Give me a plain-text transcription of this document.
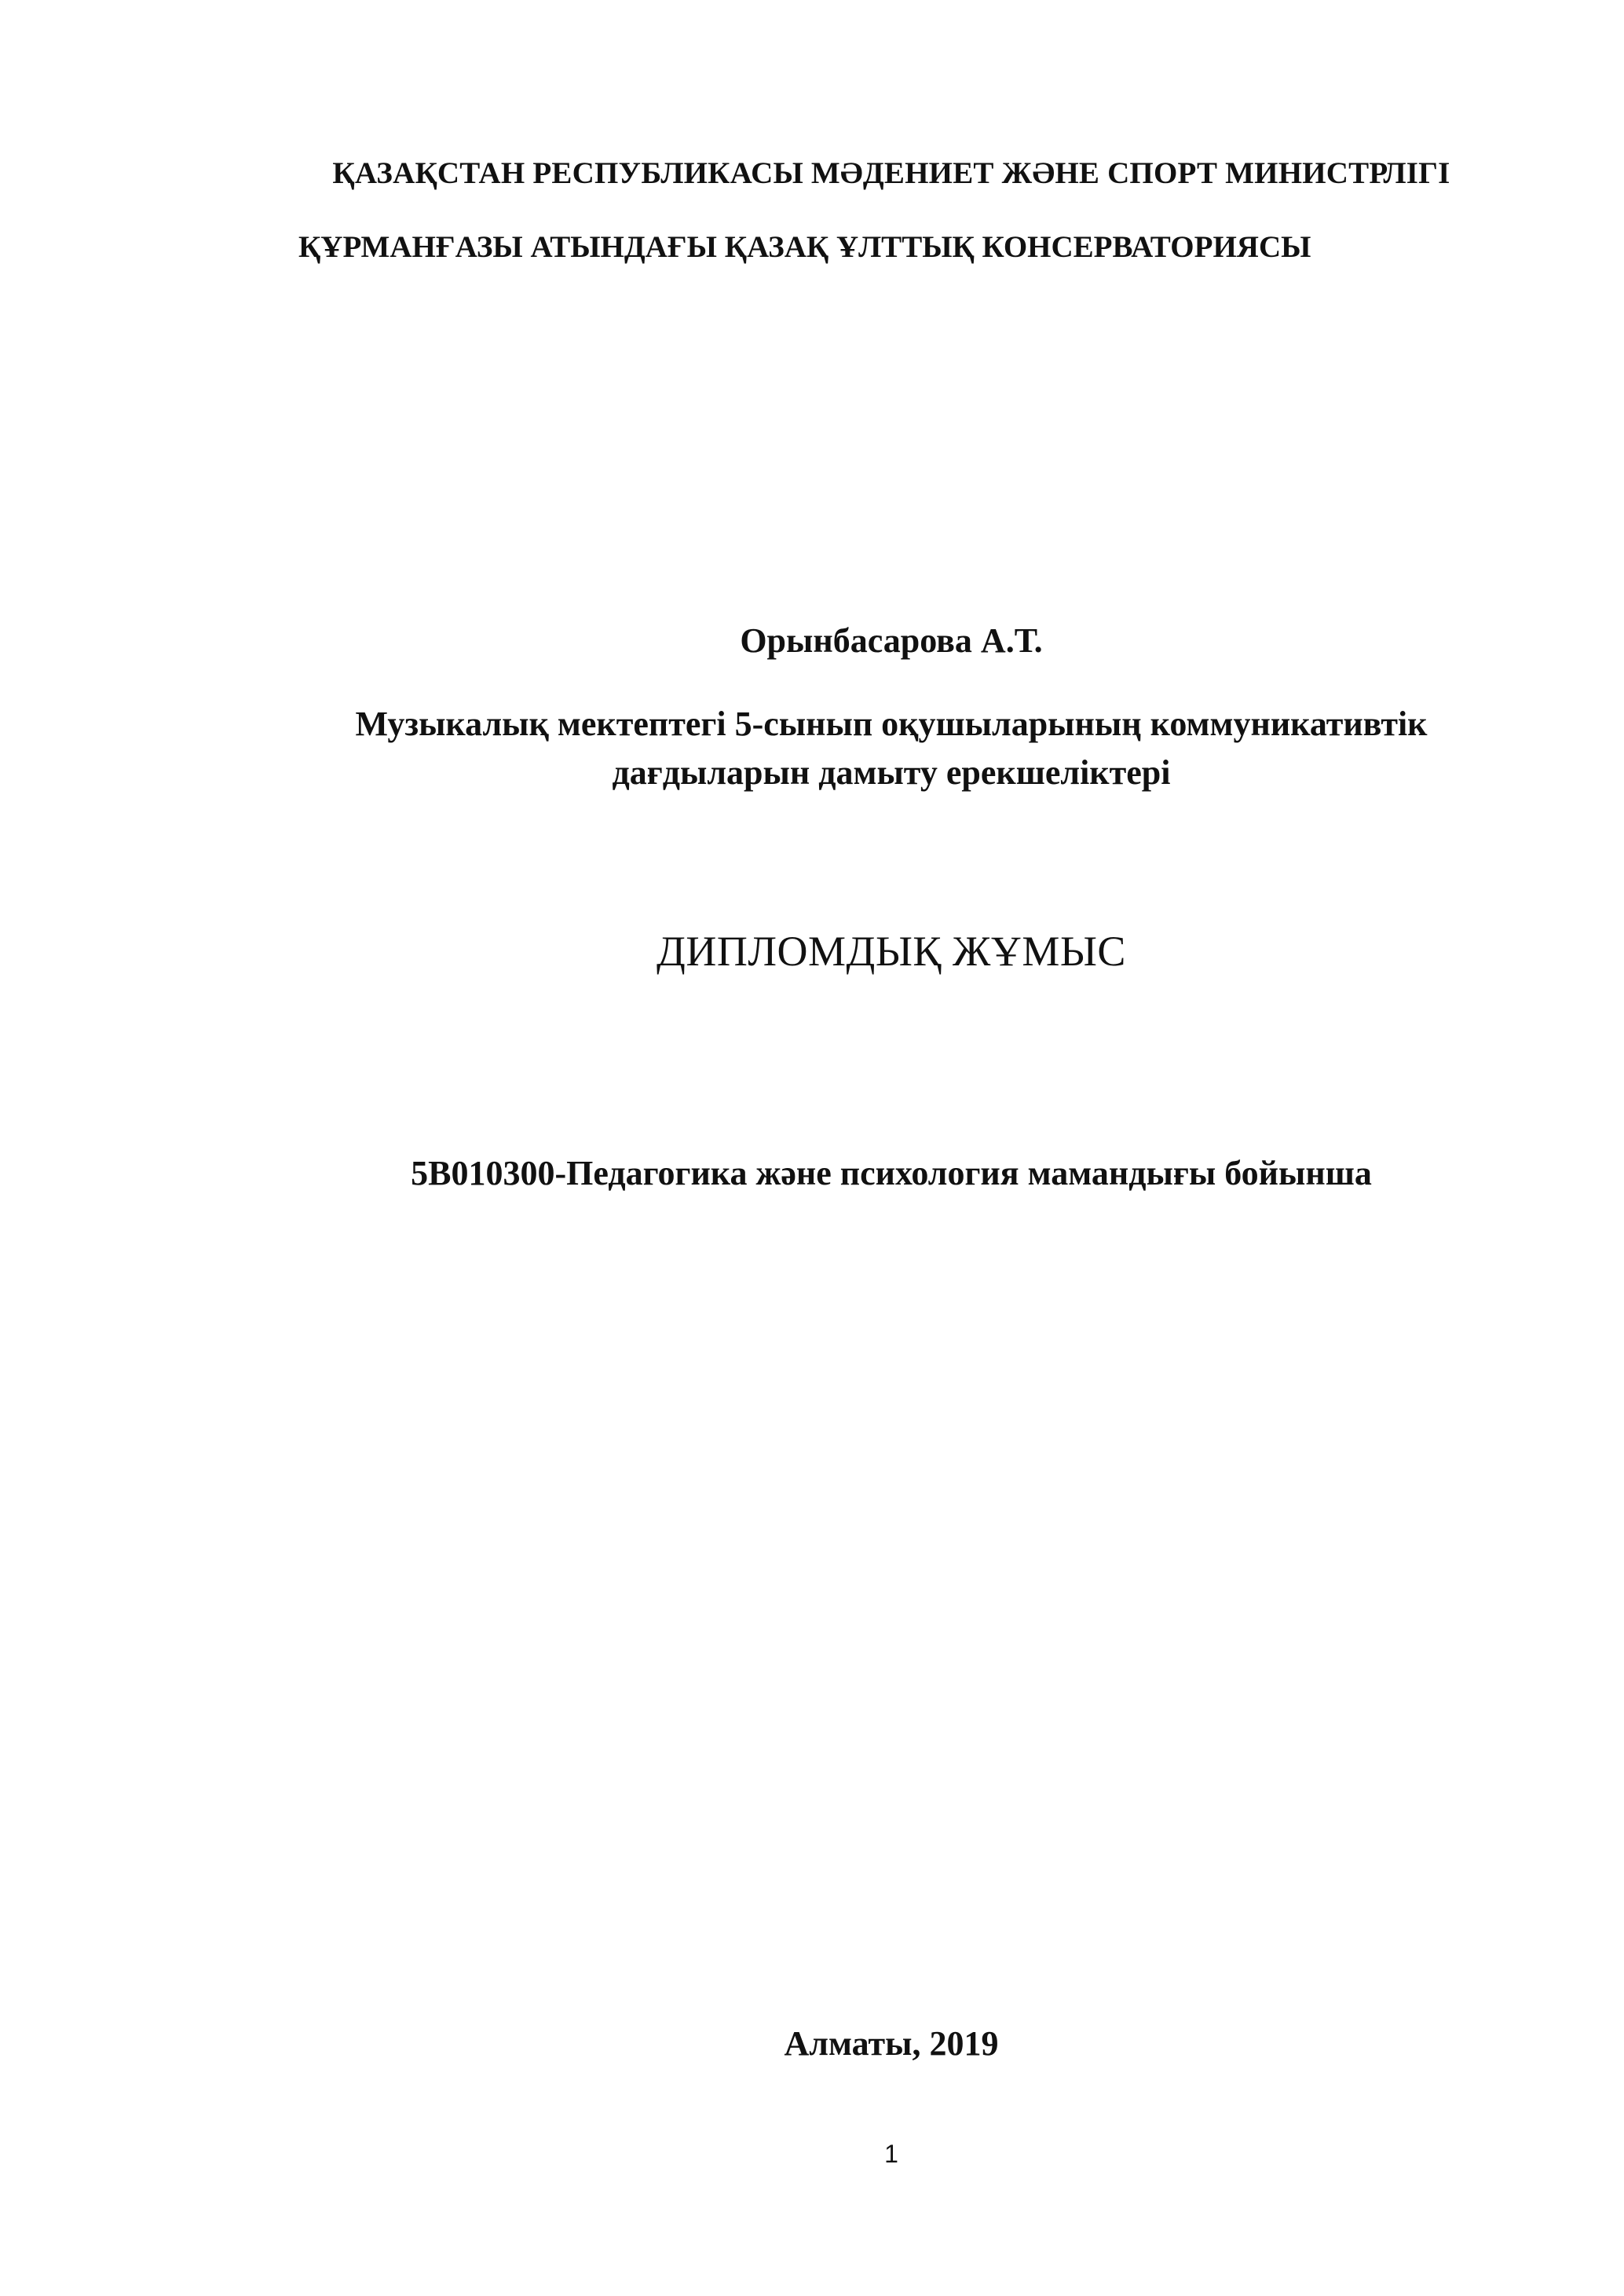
ҚАЗАҚСТАН РЕСПУБЛИКАСЫ МӘДЕНИЕТ ЖӘНЕ СПОРТ МИНИСТРЛІГІ
ҚҰРМАНҒАЗЫ АТЫНДАҒЫ ҚАЗАҚ ҰЛТТЫҚ КОНСЕРВАТОРИЯСЫ
Орынбасарова А.Т.
Музыкалық мектептегі 5-сынып оқушыларының коммуникативтік
дағдыларын дамыту ерекшеліктері
ДИПЛОМДЫҚ ЖҰМЫС
5В010300-Педагогика және психология мамандығы бойынша
Алматы, 2019
1
